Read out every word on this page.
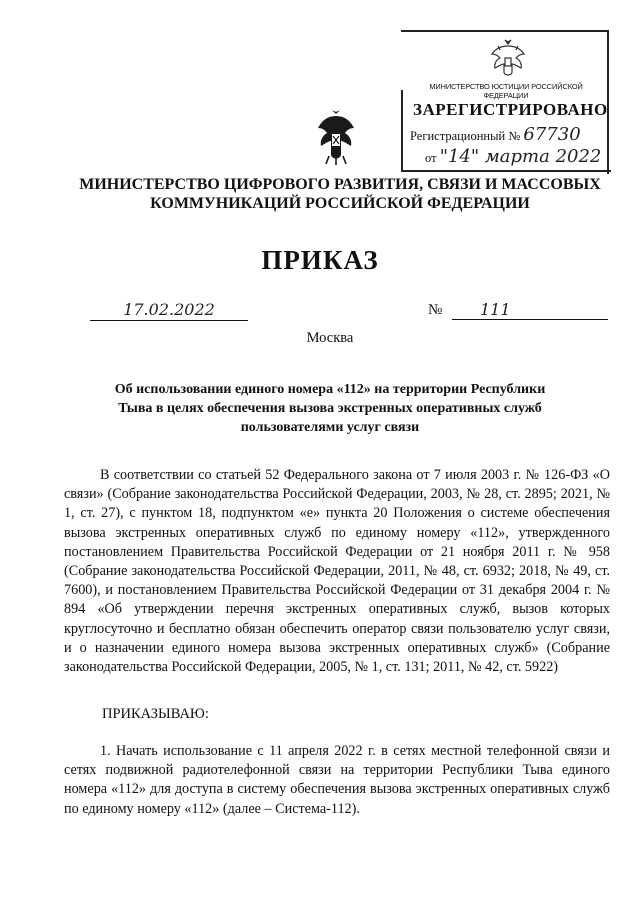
МИНИСТЕРСТВО ЮСТИЦИИ РОССИЙСКОЙ ФЕДЕРАЦИИ
ЗАРЕГИСТРИРОВАНО
Регистрационный № 67730
от "14" марта 2022
МИНИСТЕРСТВО ЦИФРОВОГО РАЗВИТИЯ, СВЯЗИ И МАССОВЫХ КОММУНИКАЦИЙ РОССИЙСКОЙ ФЕДЕРАЦИИ
ПРИКАЗ
17.02.2022	№	111
Москва
Об использовании единого номера «112» на территории Республики Тыва в целях обеспечения вызова экстренных оперативных служб пользователями услуг связи

В соответствии со статьей 52 Федерального закона от 7 июля 2003 г. № 126-ФЗ «О связи» (Собрание законодательства Российской Федерации, 2003, № 28, ст. 2895; 2021, № 1, ст. 27), с пунктом 18, подпунктом «е» пункта 20 Положения о системе обеспечения вызова экстренных оперативных служб по единому номеру «112», утвержденного постановлением Правительства Российской Федерации от 21 ноября 2011 г. № 958 (Собрание законодательства Российской Федерации, 2011, № 48, ст. 6932; 2018, № 49, ст. 7600), и постановлением Правительства Российской Федерации от 31 декабря 2004 г. № 894 «Об утверждении перечня экстренных оперативных служб, вызов которых круглосуточно и бесплатно обязан обеспечить оператор связи пользователю услуг связи, и о назначении единого номера вызова экстренных оперативных служб» (Собрание законодательства Российской Федерации, 2005, № 1, ст. 131; 2011, № 42, ст. 5922)

ПРИКАЗЫВАЮ:

1. Начать использование с 11 апреля 2022 г. в сетях местной телефонной связи и сетях подвижной радиотелефонной связи на территории Республики Тыва единого номера «112» для доступа в систему обеспечения вызова экстренных оперативных служб по единому номеру «112» (далее – Система-112).
